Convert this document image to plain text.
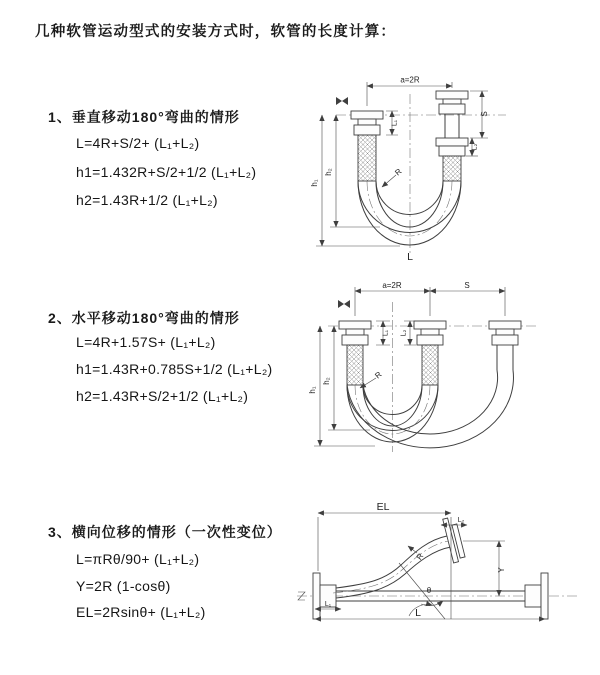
几种软管运动型式的安装方式时，软管的长度计算：
1、垂直移动180°弯曲的情形
L=4R+S/2+ (L₁+L₂)
h1=1.432R+S/2+1/2 (L₁+L₂)
h2=1.43R+1/2 (L₁+L₂)
2、水平移动180°弯曲的情形
L=4R+1.57S+ (L₁+L₂)
h1=1.43R+0.785S+1/2 (L₁+L₂)
h2=1.43R+S/2+1/2 (L₁+L₂)
3、横向位移的情形（一次性变位）
L=πRθ/90+ (L₁+L₂)
Y=2R (1-cosθ)
EL=2Rsinθ+ (L₁+L₂)
a=2R
h₁
h₂
S
L₂
L₁
R
L
a=2R	S
h₁
h₂
L₁ L₂
R
EL
L₂
Y
L
L₁
θ
R
